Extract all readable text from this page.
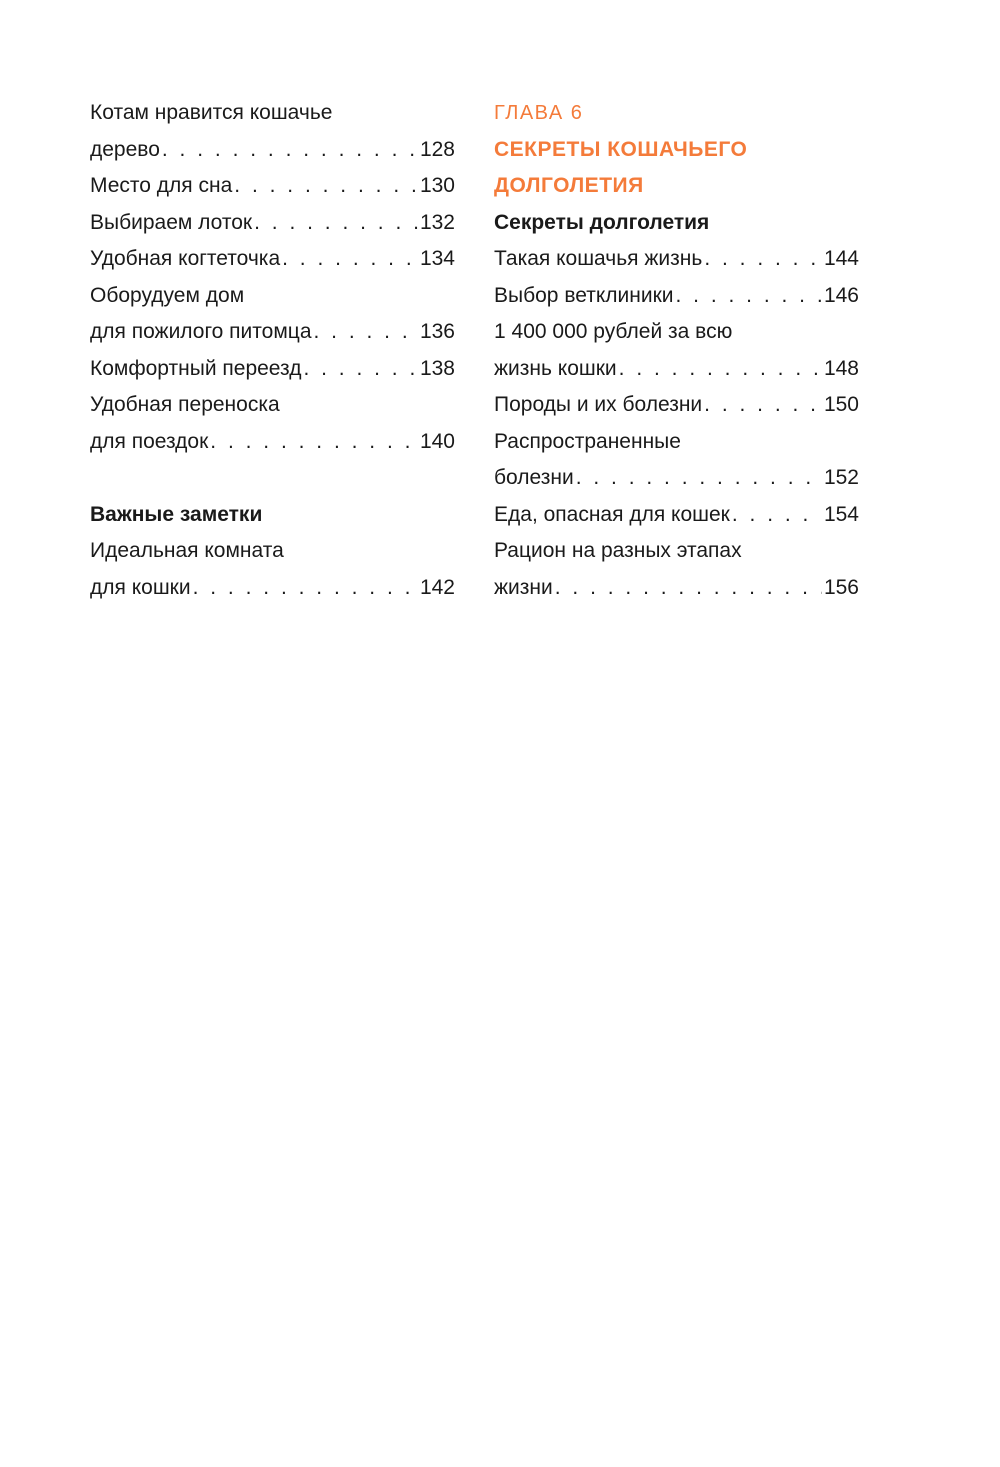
Котам нравится кошачье
дерево . . .	128
Место для сна . . .	130
Выбираем лоток . . .	132
Удобная когтеточка . . .	134
Оборудуем дом
для пожилого питомца . . .	136
Комфортный переезд . . .	138
Удобная переноска
для поездок . . .	140
Важные заметки
Идеальная комната
для кошки . . .	142
ГЛАВА 6
СЕКРЕТЫ КОШАЧЬЕГО
ДОЛГОЛЕТИЯ
Секреты долголетия
Такая кошачья жизнь . . .	144
Выбор ветклиники . . .	146
1 400 000 рублей за всю
жизнь кошки . . .	148
Породы и их болезни . . .	150
Распространенные
болезни . . .	152
Еда, опасная для кошек . . .	154
Рацион на разных этапах
жизни . . .	156
